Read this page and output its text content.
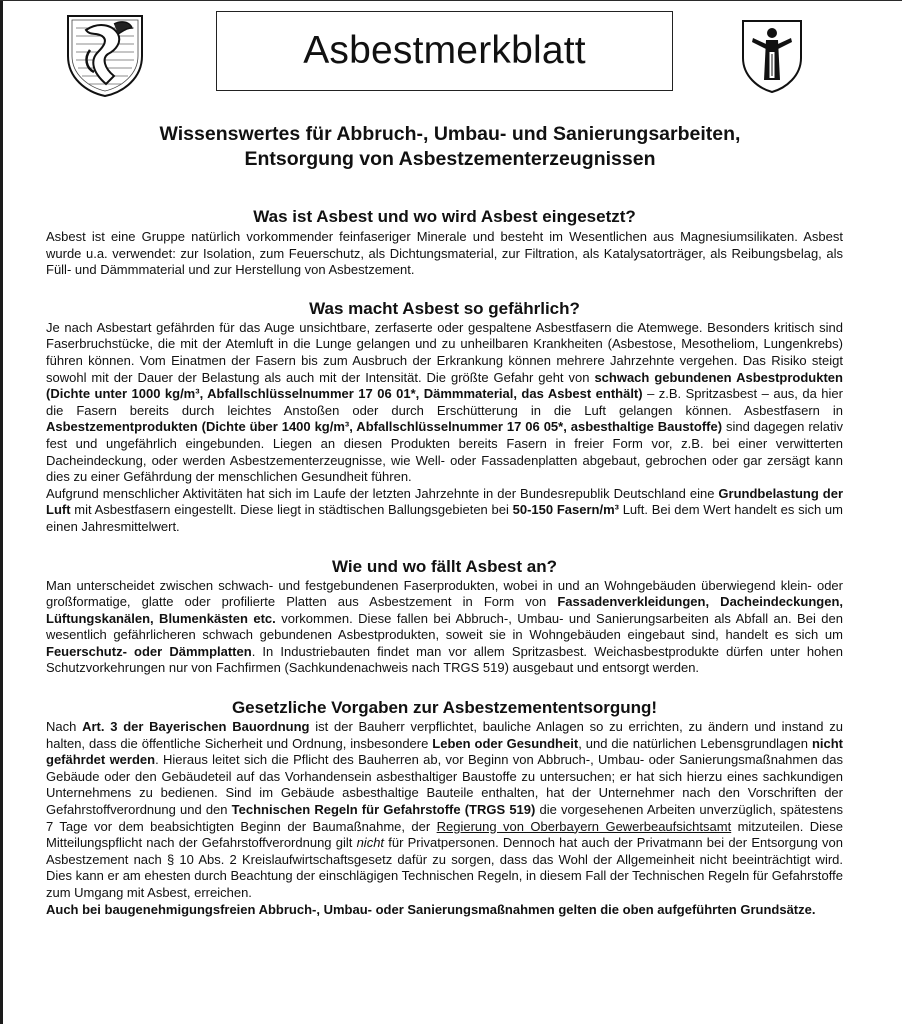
Asbestmerkblatt
Wissenswertes für Abbruch-, Umbau- und Sanierungsarbeiten,
Entsorgung von Asbestzementerzeugnissen
Was ist Asbest und wo wird Asbest eingesetzt?

Asbest ist eine Gruppe natürlich vorkommender feinfaseriger Minerale und besteht im Wesentlichen aus Magnesiumsilikaten. Asbest wurde u.a. verwendet: zur Isolation, zum Feuerschutz, als Dichtungsmaterial, zur Filtration, als Katalysatorträger, als Reibungsbelag, als Füll- und Dämmmaterial und zur Herstellung von Asbestzement.

Was macht Asbest so gefährlich?

Je nach Asbestart gefährden für das Auge unsichtbare, zerfaserte oder gespaltene Asbestfasern die Atemwege. Besonders kritisch sind Faserbruchstücke, die mit der Atemluft in die Lunge gelangen und zu unheilbaren Krankheiten (Asbestose, Mesotheliom, Lungenkrebs) führen können. Vom Einatmen der Fasern bis zum Ausbruch der Erkrankung können mehrere Jahrzehnte vergehen. Das Risiko steigt sowohl mit der Dauer der Belastung als auch mit der Intensität. Die größte Gefahr geht von schwach gebundenen Asbestprodukten (Dichte unter 1000 kg/m³, Abfallschlüsselnummer 17 06 01*, Dämmmaterial, das Asbest enthält) – z.B. Spritzasbest – aus, da hier die Fasern bereits durch leichtes Anstoßen oder durch Erschütterung in die Luft gelangen können. Asbestfasern in Asbestzementprodukten (Dichte über 1400 kg/m³, Abfallschlüsselnummer 17 06 05*, asbesthaltige Baustoffe) sind dagegen relativ fest und ungefährlich eingebunden. Liegen an diesen Produkten bereits Fasern in freier Form vor, z.B. bei einer verwitterten Dacheindeckung, oder werden Asbestzementerzeugnisse, wie Well- oder Fassadenplatten abgebaut, gebrochen oder gar zersägt kann dies zu einer Gefährdung der menschlichen Gesundheit führen.

Aufgrund menschlicher Aktivitäten hat sich im Laufe der letzten Jahrzehnte in der Bundesrepublik Deutschland eine Grundbelastung der Luft mit Asbestfasern eingestellt. Diese liegt in städtischen Ballungsgebieten bei 50-150 Fasern/m³ Luft. Bei dem Wert handelt es sich um einen Jahresmittelwert.

Wie und wo fällt Asbest an?

Man unterscheidet zwischen schwach- und festgebundenen Faserprodukten, wobei in und an Wohngebäuden überwiegend klein- oder großformatige, glatte oder profilierte Platten aus Asbestzement in Form von Fassadenverkleidungen, Dacheindeckungen, Lüftungskanälen, Blumenkästen etc. vorkommen. Diese fallen bei Abbruch-, Umbau- und Sanierungsarbeiten als Abfall an. Bei den wesentlich gefährlicheren schwach gebundenen Asbestprodukten, soweit sie in Wohngebäuden eingebaut sind, handelt es sich um Feuerschutz- oder Dämmplatten. In Industriebauten findet man vor allem Spritzasbest. Weichasbestprodukte dürfen unter hohen Schutzvorkehrungen nur von Fachfirmen (Sachkundenachweis nach TRGS 519) ausgebaut und entsorgt werden.

Gesetzliche Vorgaben zur Asbestzemententsorgung!

Nach Art. 3 der Bayerischen Bauordnung ist der Bauherr verpflichtet, bauliche Anlagen so zu errichten, zu ändern und instand zu halten, dass die öffentliche Sicherheit und Ordnung, insbesondere Leben oder Gesundheit, und die natürlichen Lebensgrundlagen nicht gefährdet werden. Hieraus leitet sich die Pflicht des Bauherren ab, vor Beginn von Abbruch-, Umbau- oder Sanierungsmaßnahmen das Gebäude oder den Gebäudeteil auf das Vorhandensein asbesthaltiger Baustoffe zu untersuchen; er hat sich hierzu eines sachkundigen Unternehmens zu bedienen. Sind im Gebäude asbesthaltige Bauteile enthalten, hat der Unternehmer nach den Vorschriften der Gefahrstoffverordnung und den Technischen Regeln für Gefahrstoffe (TRGS 519) die vorgesehenen Arbeiten unverzüglich, spätestens 7 Tage vor dem beabsichtigten Beginn der Baumaßnahme, der Regierung von Oberbayern Gewerbeaufsichtsamt mitzuteilen. Diese Mitteilungspflicht nach der Gefahrstoffverordnung gilt nicht für Privatpersonen. Dennoch hat auch der Privatmann bei der Entsorgung von Asbestzement nach § 10 Abs. 2 Kreislaufwirtschaftsgesetz dafür zu sorgen, dass das Wohl der Allgemeinheit nicht beeinträchtigt wird. Dies kann er am ehesten durch Beachtung der einschlägigen Technischen Regeln, in diesem Fall der Technischen Regeln für Gefahrstoffe zum Umgang mit Asbest, erreichen.

Auch bei baugenehmigungsfreien Abbruch-, Umbau- oder Sanierungsmaßnahmen gelten die oben aufgeführten Grundsätze.
